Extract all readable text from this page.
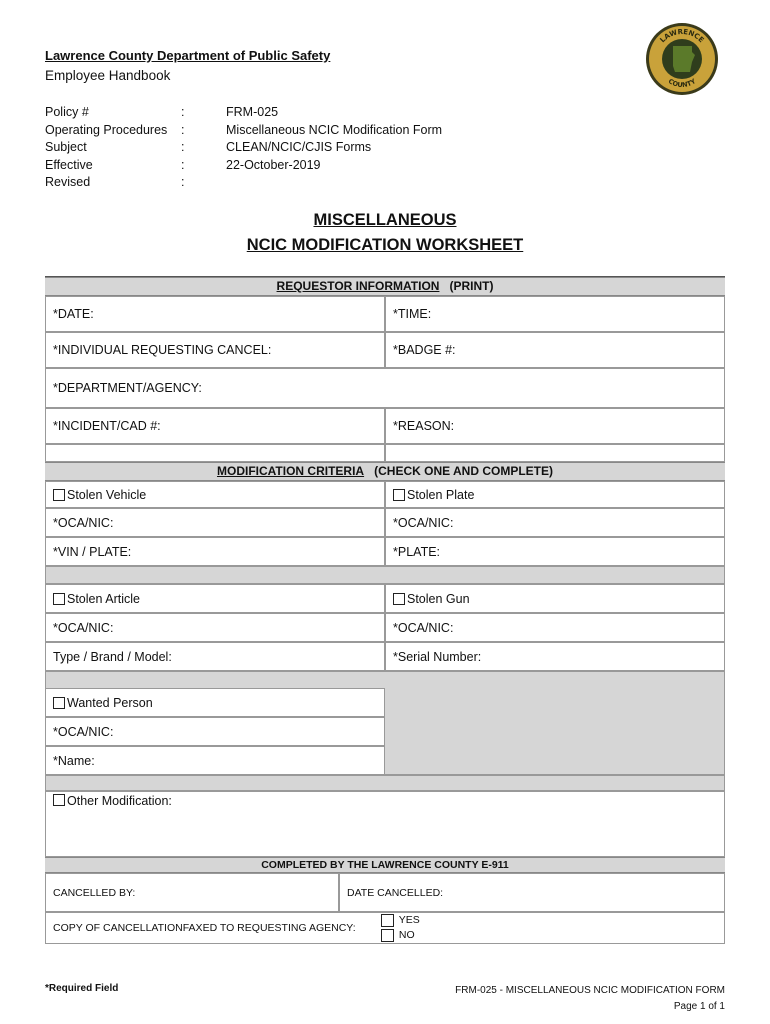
Lawrence County Department of Public Safety
Employee Handbook
Policy #	:	FRM-025
Operating Procedures	:	Miscellaneous NCIC Modification Form
Subject	:	CLEAN/NCIC/CJIS Forms
Effective	:	22-October-2019
Revised	:
LAWRENCE
COUNTY
MISCELLANEOUS
NCIC MODIFICATION WORKSHEET
REQUESTOR INFORMATION (PRINT)
*DATE:	*TIME:
*INDIVIDUAL REQUESTING CANCEL:	*BADGE #:
*DEPARTMENT/AGENCY:
*INCIDENT/CAD #:	*REASON:
MODIFICATION CRITERIA (CHECK ONE AND COMPLETE)
Stolen Vehicle	Stolen Plate
*OCA/NIC:	*OCA/NIC:
*VIN / PLATE:	*PLATE:
Stolen Article	Stolen Gun
*OCA/NIC:	*OCA/NIC:
Type / Brand / Model:	*Serial Number:
Wanted Person
*OCA/NIC:
*Name:
Other Modification:
COMPLETED BY THE LAWRENCE COUNTY E-911
CANCELLED BY:	DATE CANCELLED:
COPY OF CANCELLATIONFAXED TO REQUESTING AGENCY:
YES
NO
*Required Field	FRM-025 - MISCELLANEOUS NCIC MODIFICATION FORM
Page 1 of 1
